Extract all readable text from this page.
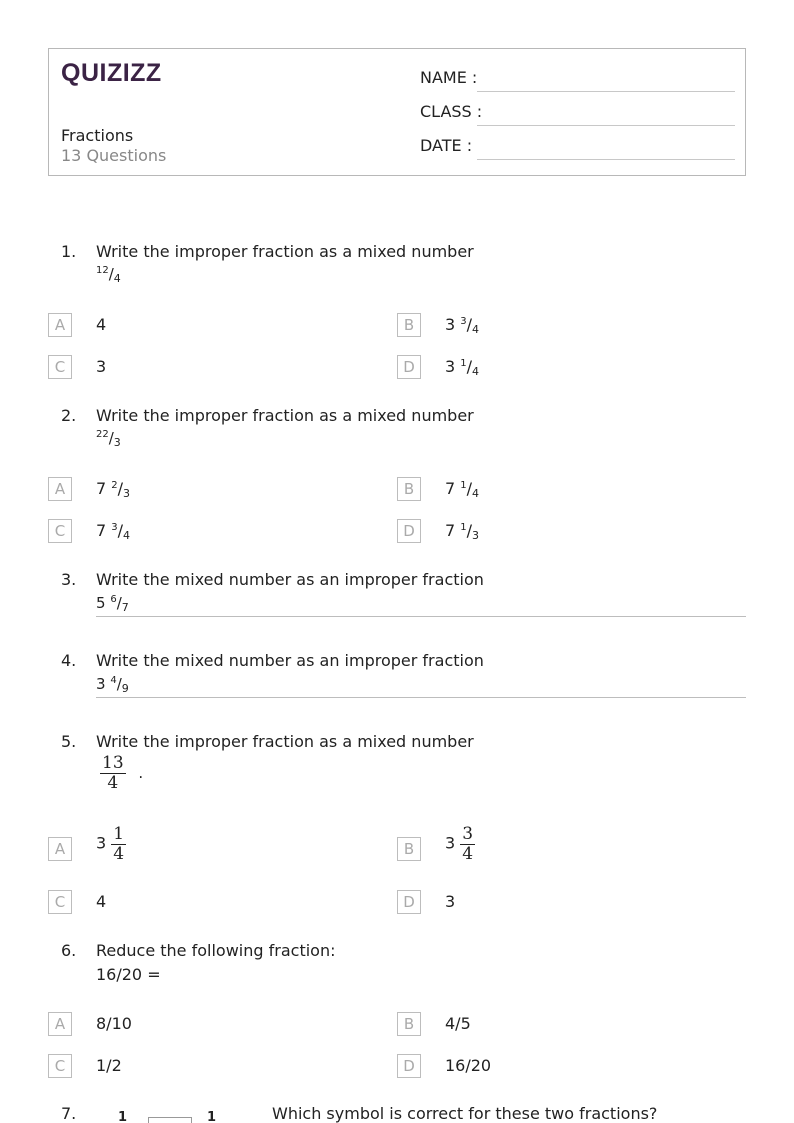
QUIZIZZ
Fractions
13 Questions
NAME :
CLASS :
DATE :
1. Write the improper fraction as a mixed number
$^{12}/_4$
A	4	B	3 $^3/_4$
C	3	D	3 $^1/_4$
2. Write the improper fraction as a mixed number
$^{22}/_3$
A	7 $^2/_3$	B	7 $^1/_4$
C	7 $^3/_4$	D	7 $^1/_3$
3. Write the mixed number as an improper fraction
5 $^6/_7$
4. Write the mixed number as an improper fraction
3 $^4/_9$
5. Write the improper fraction as a mixed number
$\frac{13}{4}$ .
A	$3 \frac{1}{4}$	B	$3 \frac{3}{4}$
C	4	D	3
6. Reduce the following fraction:
16/20 =
A	8/10	B	4/5
C	1/2	D	16/20
7.	1	1	Which symbol is correct for these two fractions?
